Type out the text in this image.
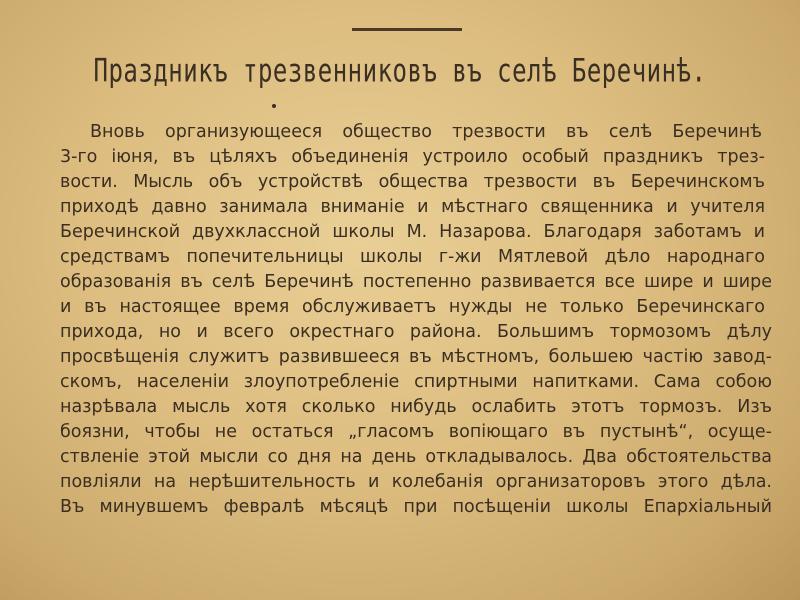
Праздникъ трезвенниковъ въ селѣ Беречинѣ.
Вновь организующееся общество трезвости въ селѣ Беречинѣ
3-го іюня, въ цѣляхъ объединенія устроило особый праздникъ трез-
вости. Мысль объ устройствѣ общества трезвости въ Беречинскомъ
приходѣ давно занимала вниманіе и мѣстнаго священника и учителя
Беречинской двухклассной школы М. Назарова. Благодаря заботамъ и
средствамъ попечительницы школы г-жи Мятлевой дѣло народнаго
образованія въ селѣ Беречинѣ постепенно развивается все шире и шире
и въ настоящее время обслуживаетъ нужды не только Беречинскаго
прихода, но и всего окрестнаго района. Большимъ тормозомъ дѣлу
просвѣщенія служитъ развившееся въ мѣстномъ, большею частію завод-
скомъ, населеніи злоупотребленіе спиртными напитками. Сама собою
назрѣвала мысль хотя сколько нибудь ослабить этотъ тормозъ. Изъ
боязни, чтобы не остаться „гласомъ вопіющаго въ пустынѣ“, осуще-
ствленіе этой мысли со дня на день откладывалось. Два обстоятельства
повліяли на нерѣшительность и колебанія организаторовъ этого дѣла.
Въ минувшемъ февралѣ мѣсяцѣ при посѣщеніи школы Епархіальный
